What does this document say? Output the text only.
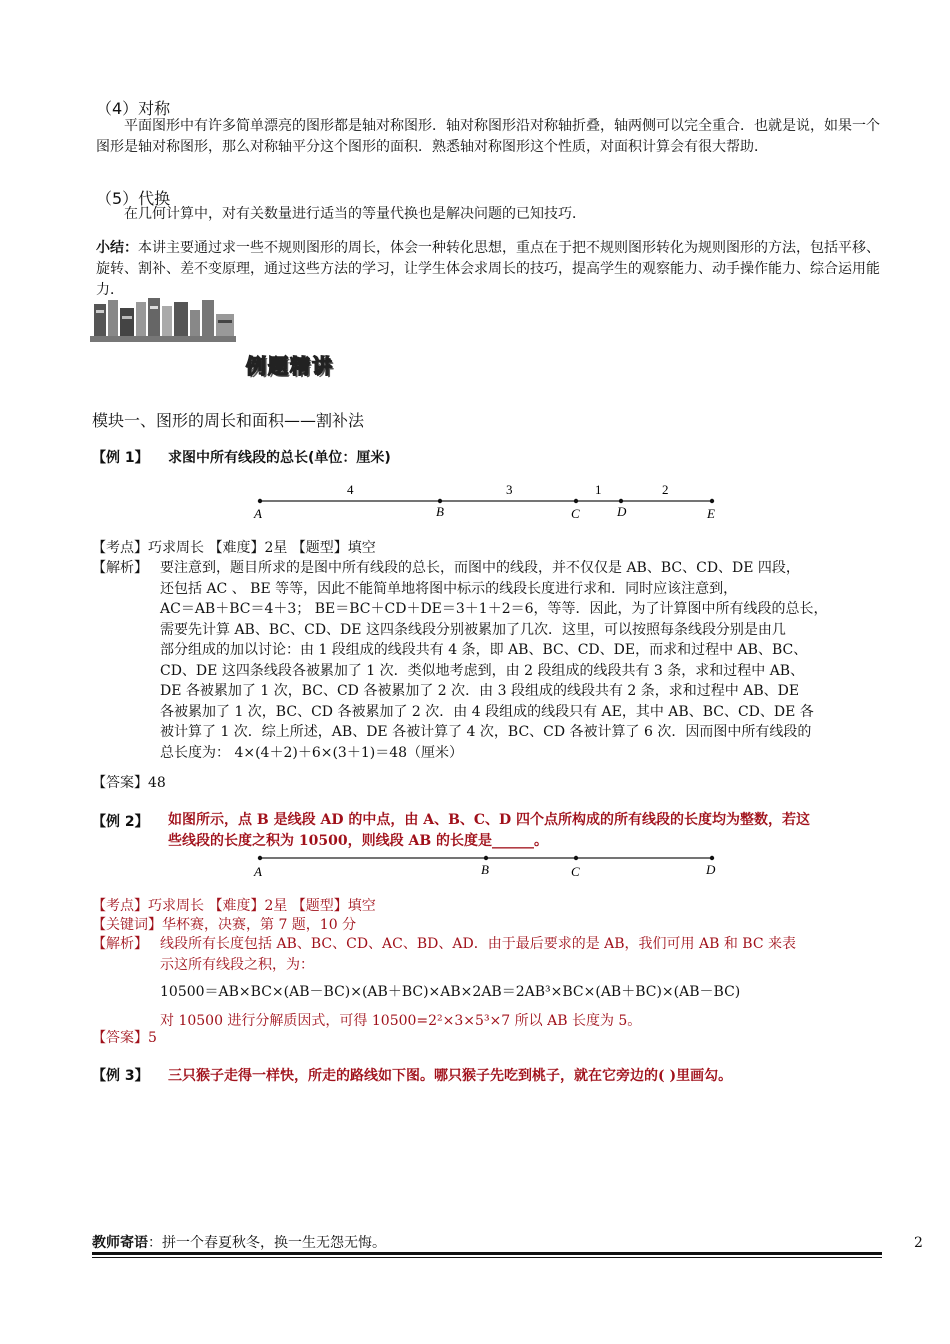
（4）对称
平面图形中有许多简单漂亮的图形都是轴对称图形．轴对称图形沿对称轴折叠，轴两侧可以完全重合．也就是说，如果一个图形是轴对称图形，那么对称轴平分这个图形的面积．熟悉轴对称图形这个性质，对面积计算会有很大帮助．
（5）代换
在几何计算中，对有关数量进行适当的等量代换也是解决问题的已知技巧．
小结：本讲主要通过求一些不规则图形的周长，体会一种转化思想，重点在于把不规则图形转化为规则图形的方法，包括平移、旋转、割补、差不变原理，通过这些方法的学习，让学生体会求周长的技巧，提高学生的观察能力、动手操作能力、综合运用能力．
例题精讲
模块一、图形的周长和面积——割补法
【例 1】 求图中所有线段的总长(单位：厘米)
4	3	1	2
A	B	C	D	E
【考点】巧求周长 【难度】2星 【题型】填空
【解析】 要注意到，题目所求的是图中所有线段的总长，而图中的线段，并不仅仅是 AB、BC、CD、DE 四段，
还包括 AC 、 BE 等等，因此不能简单地将图中标示的线段长度进行求和．同时应该注意到，
AC＝AB＋BC＝4＋3； BE＝BC＋CD＋DE＝3＋1＋2＝6，等等．因此，为了计算图中所有线段的总长，
需要先计算 AB、BC、CD、DE 这四条线段分别被累加了几次．这里，可以按照每条线段分别是由几
部分组成的加以讨论：由 1 段组成的线段共有 4 条，即 AB、BC、CD、DE，而求和过程中 AB、BC、
CD、DE 这四条线段各被累加了 1 次．类似地考虑到，由 2 段组成的线段共有 3 条，求和过程中 AB、
DE 各被累加了 1 次，BC、CD 各被累加了 2 次．由 3 段组成的线段共有 2 条，求和过程中 AB、DE
各被累加了 1 次，BC、CD 各被累加了 2 次．由 4 段组成的线段只有 AE，其中 AB、BC、CD、DE 各
被计算了 1 次．综上所述，AB、DE 各被计算了 4 次，BC、CD 各被计算了 6 次．因而图中所有线段的
总长度为： 4×(4＋2)＋6×(3＋1)＝48（厘米）
【答案】48
【例 2】 如图所示，点 B 是线段 AD 的中点，由 A、B、C、D 四个点所构成的所有线段的长度均为整数，若这
些线段的长度之积为 10500，则线段 AB 的长度是______。
A	B	C	D
【考点】巧求周长 【难度】2星 【题型】填空
【关键词】华杯赛，决赛，第 7 题，10 分
【解析】 线段所有长度包括 AB、BC、CD、AC、BD、AD．由于最后要求的是 AB，我们可用 AB 和 BC 来表
示这所有线段之积，为：
10500＝AB×BC×(AB－BC)×(AB＋BC)×AB×2AB＝2AB³×BC×(AB＋BC)×(AB－BC)
对 10500 进行分解质因式，可得 10500=2²×3×5³×7 所以 AB 长度为 5。
【答案】5
【例 3】 三只猴子走得一样快，所走的路线如下图。哪只猴子先吃到桃子，就在它旁边的( )里画勾。
教师寄语：拼一个春夏秋冬，换一生无怨无悔。	2
